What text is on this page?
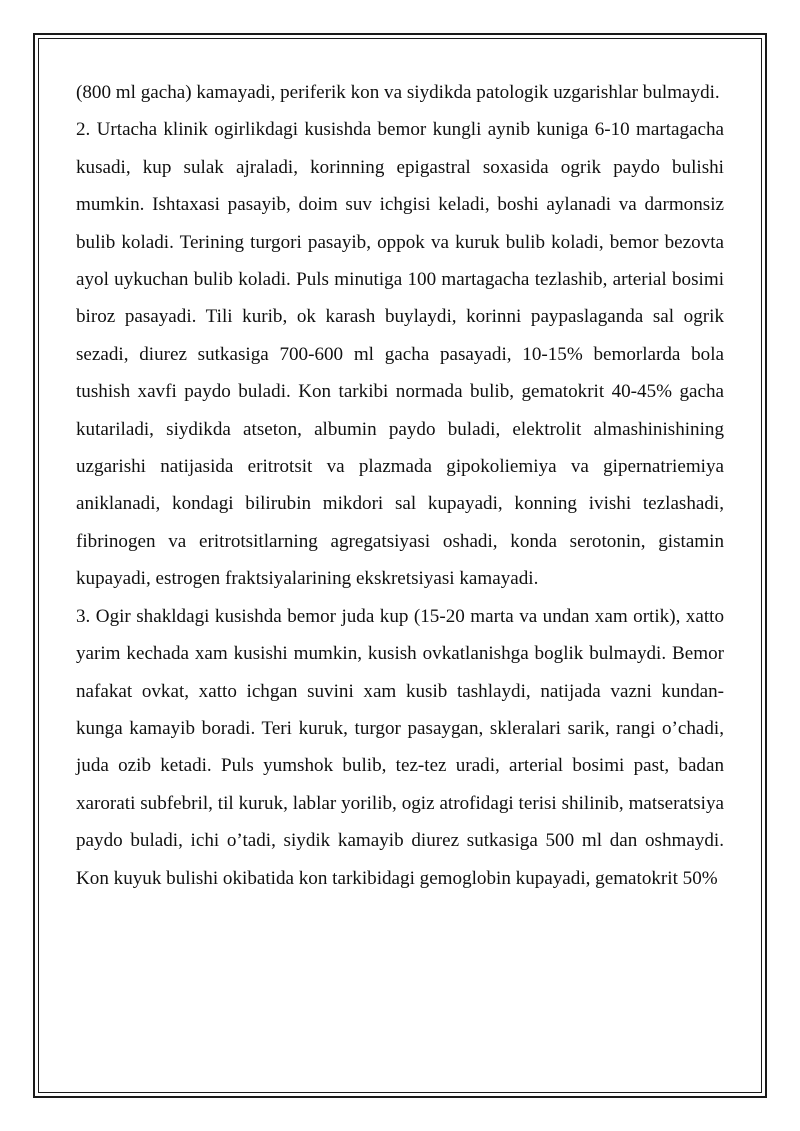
(800 ml gacha) kamayadi, periferik kon va siydikda patologik uzgarishlar bulmaydi.

2. Urtacha klinik ogirlikdagi kusishda bemor kungli aynib kuniga 6-10 martagacha kusadi, kup sulak ajraladi, korinning epigastral soxasida ogrik paydo bulishi mumkin. Ishtaxasi pasayib, doim suv ichgisi keladi, boshi aylanadi va darmonsiz bulib koladi. Terining turgori pasayib, oppok va kuruk bulib koladi, bemor bezovta ayol uykuchan bulib koladi. Puls minutiga 100 martagacha tezlashib, arterial bosimi biroz pasayadi. Tili kurib, ok karash buylaydi, korinni paypaslaganda sal ogrik sezadi, diurez sutkasiga 700-600 ml gacha pasayadi, 10-15% bemorlarda bola tushish xavfi paydo buladi. Kon tarkibi normada bulib, gematokrit 40-45% gacha kutariladi, siydikda atseton, albumin paydo buladi, elektrolit almashinishining uzgarishi natijasida eritrotsit va plazmada gipokoliemiya va gipernatriemiya aniklanadi, kondagi bilirubin mikdori sal kupayadi, konning ivishi tezlashadi, fibrinogen va eritrotsitlarning agregatsiyasi oshadi, konda serotonin, gistamin kupayadi, estrogen fraktsiyalarining ekskretsiyasi kamayadi.

3. Ogir shakldagi kusishda bemor juda kup (15-20 marta va undan xam ortik), xatto yarim kechada xam kusishi mumkin, kusish ovkatlanishga boglik bulmaydi. Bemor nafakat ovkat, xatto ichgan suvini xam kusib tashlaydi, natijada vazni kundan- kunga kamayib boradi. Teri kuruk, turgor pasaygan, skleralari sarik, rangi o’chadi, juda ozib ketadi. Puls yumshok bulib, tez-tez uradi, arterial bosimi past, badan xarorati subfebril, til kuruk, lablar yorilib, ogiz atrofidagi terisi shilinib, matseratsiya paydo buladi, ichi o’tadi, siydik kamayib diurez sutkasiga 500 ml dan oshmaydi. Kon kuyuk bulishi okibatida kon tarkibidagi gemoglobin kupayadi, gematokrit 50%
